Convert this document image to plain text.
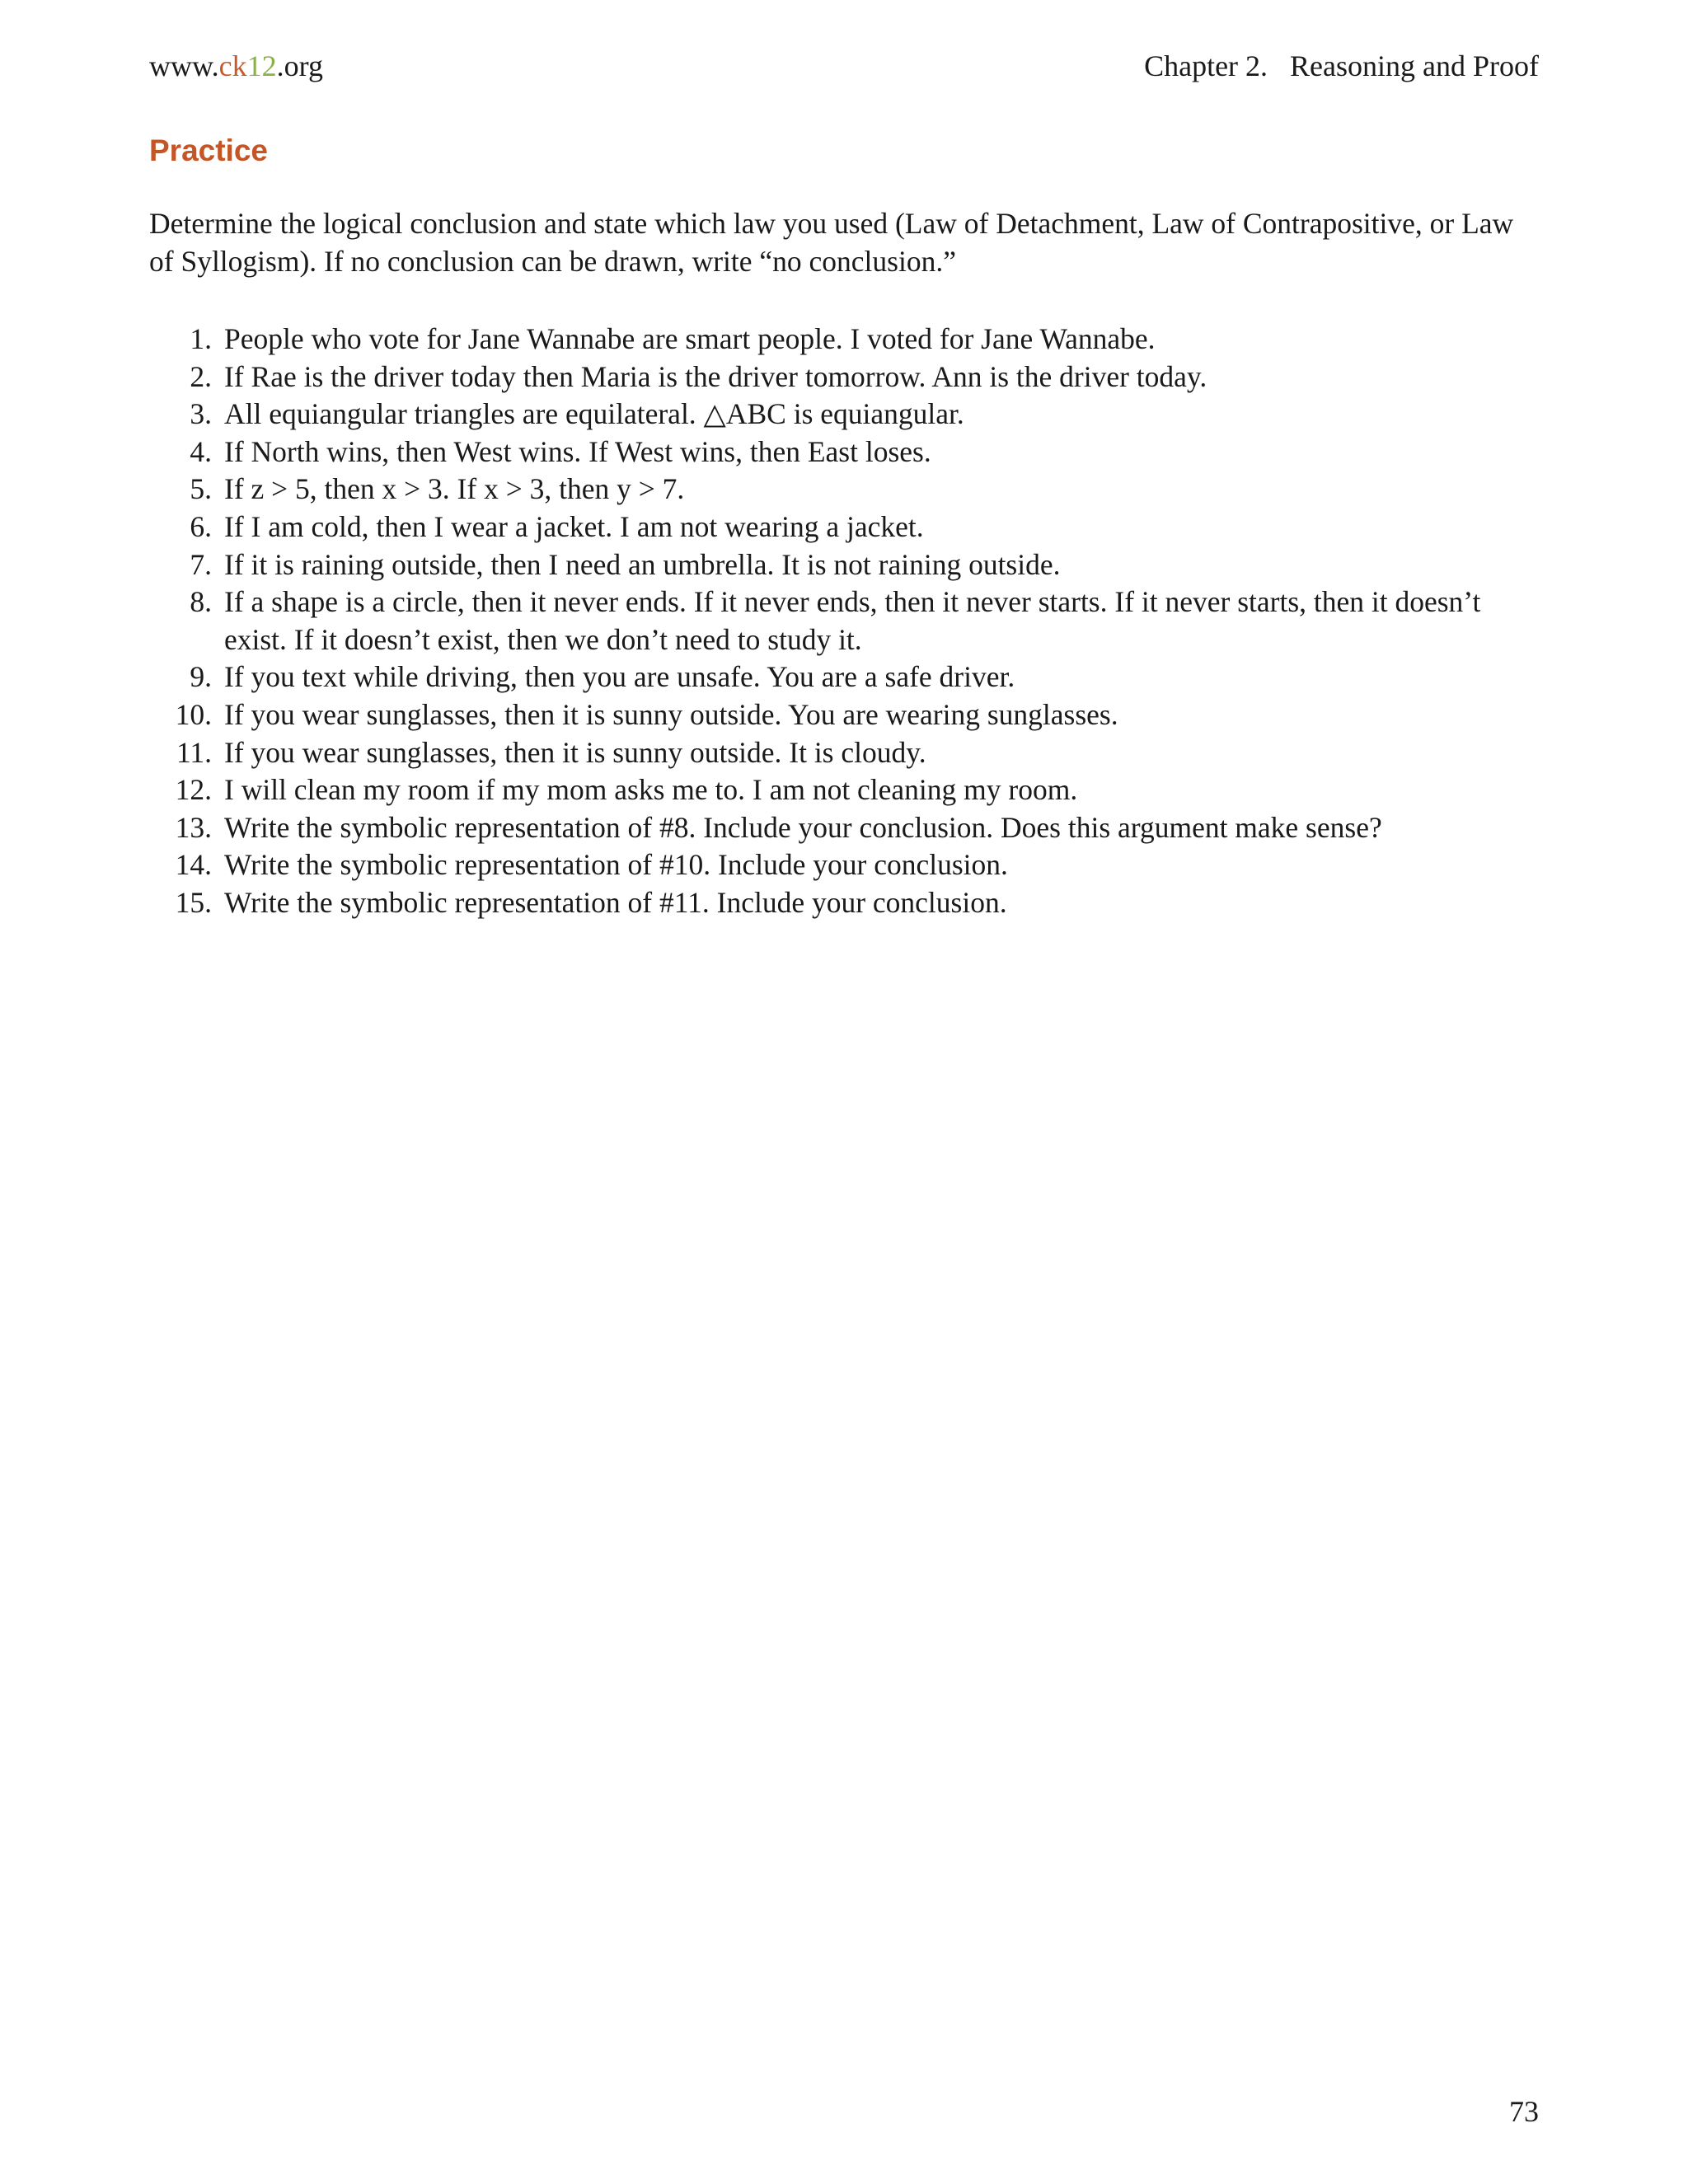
www.ck12.org	Chapter 2.   Reasoning and Proof
Practice

Determine the logical conclusion and state which law you used (Law of Detachment, Law of Contrapositive, or Law of Syllogism). If no conclusion can be drawn, write “no conclusion.”

1. People who vote for Jane Wannabe are smart people. I voted for Jane Wannabe.
2. If Rae is the driver today then Maria is the driver tomorrow. Ann is the driver today.
3. All equiangular triangles are equilateral. △ABC is equiangular.
4. If North wins, then West wins. If West wins, then East loses.
5. If z > 5, then x > 3. If x > 3, then y > 7.
6. If I am cold, then I wear a jacket. I am not wearing a jacket.
7. If it is raining outside, then I need an umbrella. It is not raining outside.
8. If a shape is a circle, then it never ends. If it never ends, then it never starts. If it never starts, then it doesn’t exist. If it doesn’t exist, then we don’t need to study it.
9. If you text while driving, then you are unsafe. You are a safe driver.
10. If you wear sunglasses, then it is sunny outside. You are wearing sunglasses.
11. If you wear sunglasses, then it is sunny outside. It is cloudy.
12. I will clean my room if my mom asks me to. I am not cleaning my room.
13. Write the symbolic representation of #8. Include your conclusion. Does this argument make sense?
14. Write the symbolic representation of #10. Include your conclusion.
15. Write the symbolic representation of #11. Include your conclusion.
73
